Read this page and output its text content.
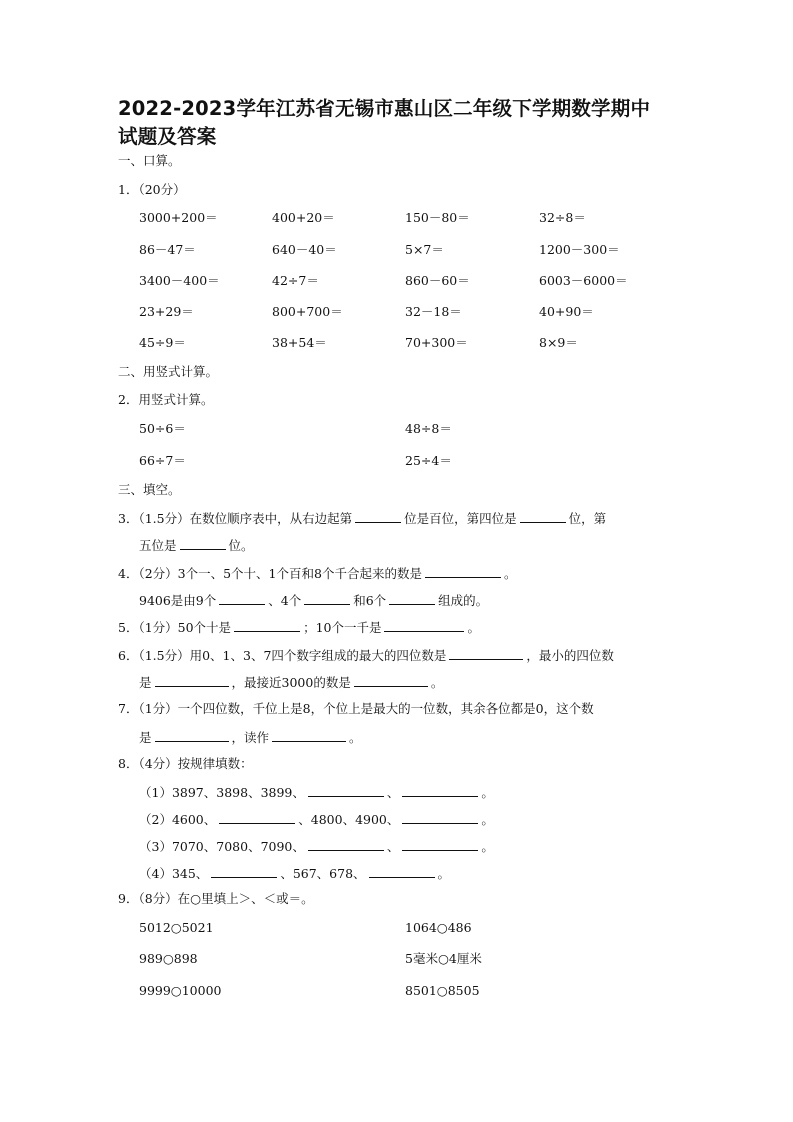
2022-2023学年江苏省无锡市惠山区二年级下学期数学期中
试题及答案
一、口算。
1．（20分）
3000+200＝	400+20＝	150－80＝	32÷8＝
86－47＝	640－40＝	5×7＝	1200－300＝
3400－400＝	42÷7＝	860－60＝	6003－6000＝
23+29＝	800+700＝	32－18＝	40+90＝
45÷9＝	38+54＝	70+300＝	8×9＝
二、用竖式计算。
2．用竖式计算。
50÷6＝	48÷8＝
66÷7＝	25÷4＝
三、填空。
3．（1.5分）在数位顺序表中，从右边起第	位是百位，第四位是	位，第
五位是	位。
4．（2分）3个一、5个十、1个百和8个千合起来的数是	。
9406是由9个	、4个	和6个	组成的。
5．（1分）50个十是	；10个一千是	。
6．（1.5分）用0、1、3、7四个数字组成的最大的四位数是	，最小的四位数
是	，最接近3000的数是	。
7．（1分）一个四位数，千位上是8，个位上是最大的一位数，其余各位都是0，这个数
是	，读作	。
8．（4分）按规律填数：
（1）3897、3898、3899、	、	。
（2）4600、	、4800、4900、	。
（3）7070、7080、7090、	、	。
（4）345、	、567、678、	。
9．（8分）在○里填上＞、＜或＝。
5012○5021	1064○486
989○898	5毫米○4厘米
9999○10000	8501○8505
